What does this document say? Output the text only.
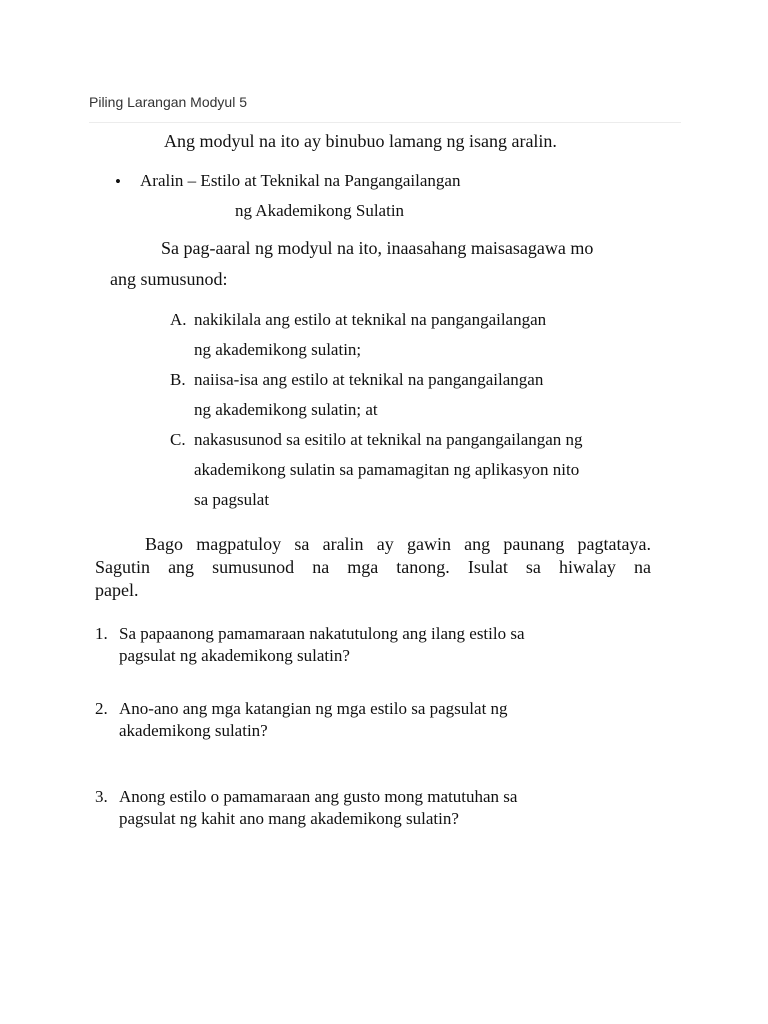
Piling Larangan Modyul 5
Ang modyul na ito ay binubuo lamang ng isang aralin.
• Aralin – Estilo at Teknikal na Pangangailangan
ng Akademikong Sulatin
Sa pag-aaral ng modyul na ito, inaasahang maisasagawa mo
ang sumusunod:
A. nakikilala ang estilo at teknikal na pangangailangan
ng akademikong sulatin;
B. naiisa-isa ang estilo at teknikal na pangangailangan
ng akademikong sulatin; at
C. nakasusunod sa esitilo at teknikal na pangangailangan ng
akademikong sulatin sa pamamagitan ng aplikasyon nito
sa pagsulat
Bago magpatuloy sa aralin ay gawin ang paunang pagtataya.
Sagutin ang sumusunod na mga tanong. Isulat sa hiwalay na
papel.
1. Sa papaanong pamamaraan nakatutulong ang ilang estilo sa
pagsulat ng akademikong sulatin?
2. Ano-ano ang mga katangian ng mga estilo sa pagsulat ng
akademikong sulatin?
3. Anong estilo o pamamaraan ang gusto mong matutuhan sa
pagsulat ng kahit ano mang akademikong sulatin?
